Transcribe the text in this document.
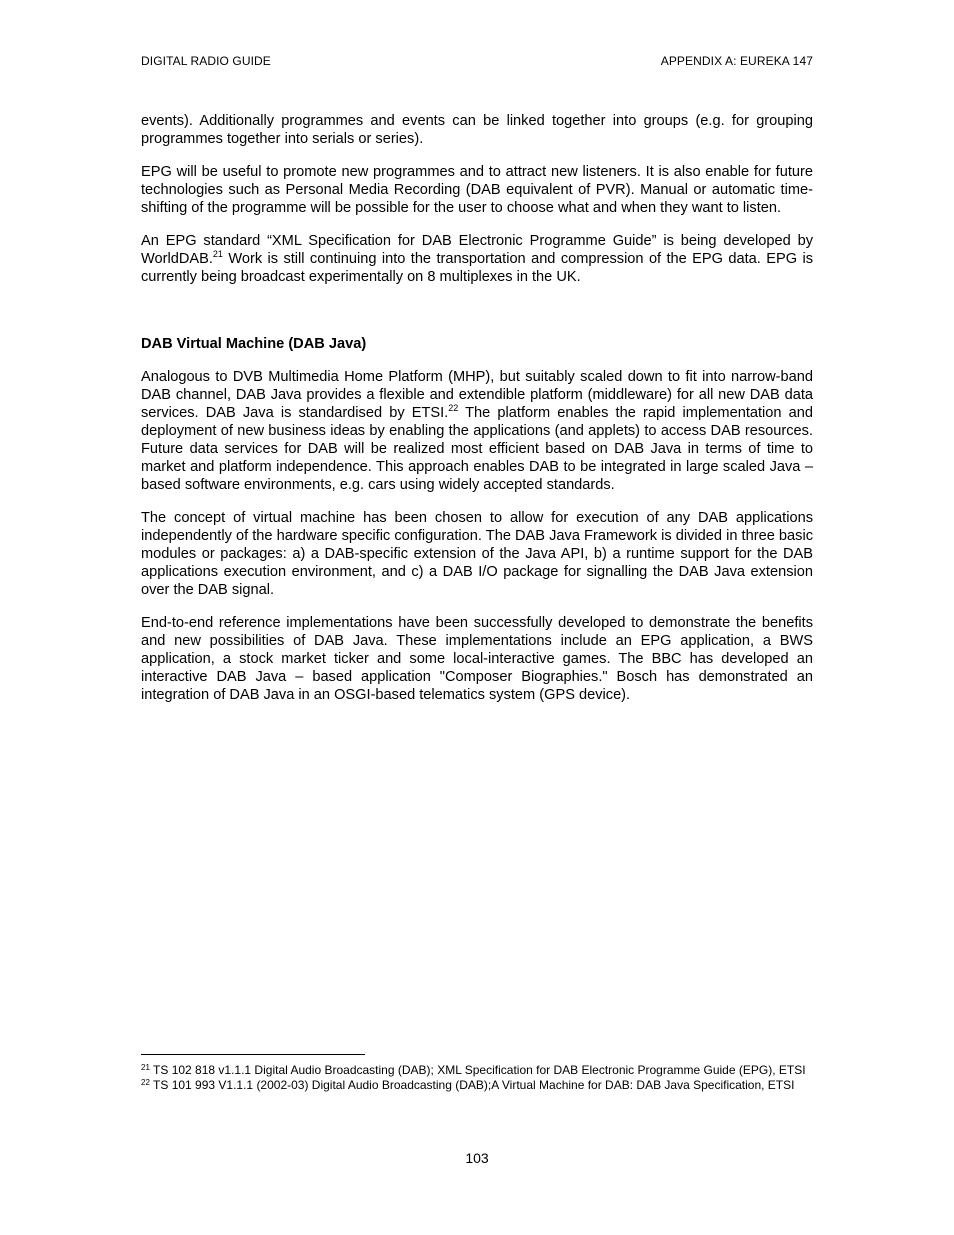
DIGITAL RADIO GUIDE	APPENDIX A: EUREKA 147

events). Additionally programmes and events can be linked together into groups (e.g. for grouping programmes together into serials or series).

EPG will be useful to promote new programmes and to attract new listeners. It is also enable for future technologies such as Personal Media Recording (DAB equivalent of PVR). Manual or automatic time-shifting of the programme will be possible for the user to choose what and when they want to listen.

An EPG standard “XML Specification for DAB Electronic Programme Guide” is being developed by WorldDAB.$^{21}$ Work is still continuing into the transportation and compression of the EPG data. EPG is currently being broadcast experimentally on 8 multiplexes in the UK.

DAB Virtual Machine (DAB Java)

Analogous to DVB Multimedia Home Platform (MHP), but suitably scaled down to fit into narrow-band DAB channel, DAB Java provides a flexible and extendible platform (middleware) for all new DAB data services. DAB Java is standardised by ETSI.$^{22}$ The platform enables the rapid implementation and deployment of new business ideas by enabling the applications (and applets) to access DAB resources. Future data services for DAB will be realized most efficient based on DAB Java in terms of time to market and platform independence. This approach enables DAB to be integrated in large scaled Java – based software environments, e.g. cars using widely accepted standards.

The concept of virtual machine has been chosen to allow for execution of any DAB applications independently of the hardware specific configuration. The DAB Java Framework is divided in three basic modules or packages: a) a DAB-specific extension of the Java API, b) a runtime support for the DAB applications execution environment, and c) a DAB I/O package for signalling the DAB Java extension over the DAB signal.

End-to-end reference implementations have been successfully developed to demonstrate the benefits and new possibilities of DAB Java. These implementations include an EPG application, a BWS application, a stock market ticker and some local-interactive games. The BBC has developed an interactive DAB Java – based application "Composer Biographies." Bosch has demonstrated an integration of DAB Java in an OSGI-based telematics system (GPS device).

$^{21}$ TS 102 818 v1.1.1 Digital Audio Broadcasting (DAB); XML Specification for DAB Electronic Programme Guide (EPG), ETSI
$^{22}$ TS 101 993 V1.1.1 (2002-03) Digital Audio Broadcasting (DAB);A Virtual Machine for DAB: DAB Java Specification, ETSI
103
